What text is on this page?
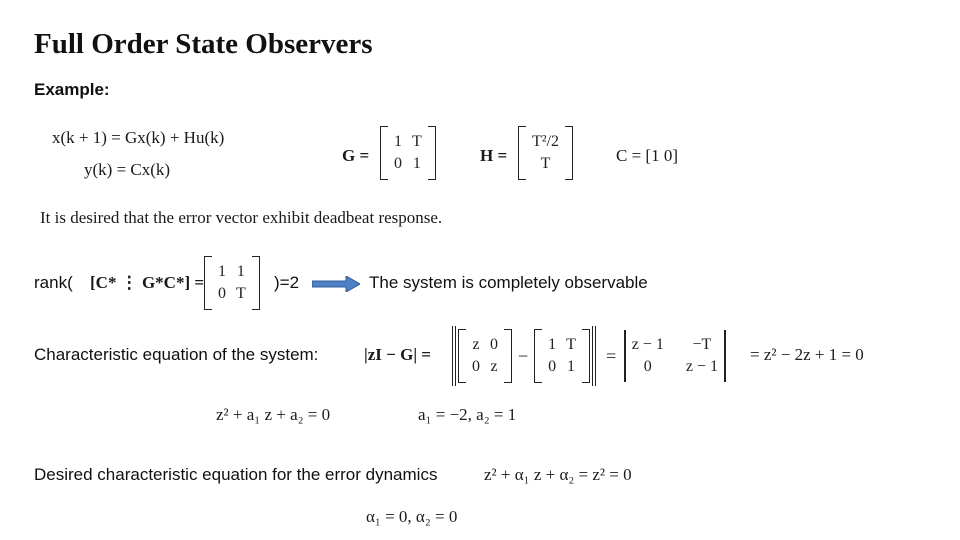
Full Order State Observers
Example:
x(k + 1) = Gx(k) + Hu(k)
y(k) = Cx(k)
G =
1 T
0 1	H =
T²/2
T	C = [1 0]
It is desired that the error vector exhibit deadbeat response.
rank( [C* ⋮ G*C*] =
1 1
0 T
)=2	The system is completely observable
Characteristic equation of the system:	|zI − G| =
z 0
0 z
−
1 T
0 1
=
z − 1	−T
0	z − 1
= z² − 2z + 1 = 0
z² + a₁ z + a₂ = 0	a₁ = −2, a₂ = 1
Desired characteristic equation for the error dynamics	z² + α₁ z + α₂ = z² = 0
α₁ = 0, α₂ = 0
